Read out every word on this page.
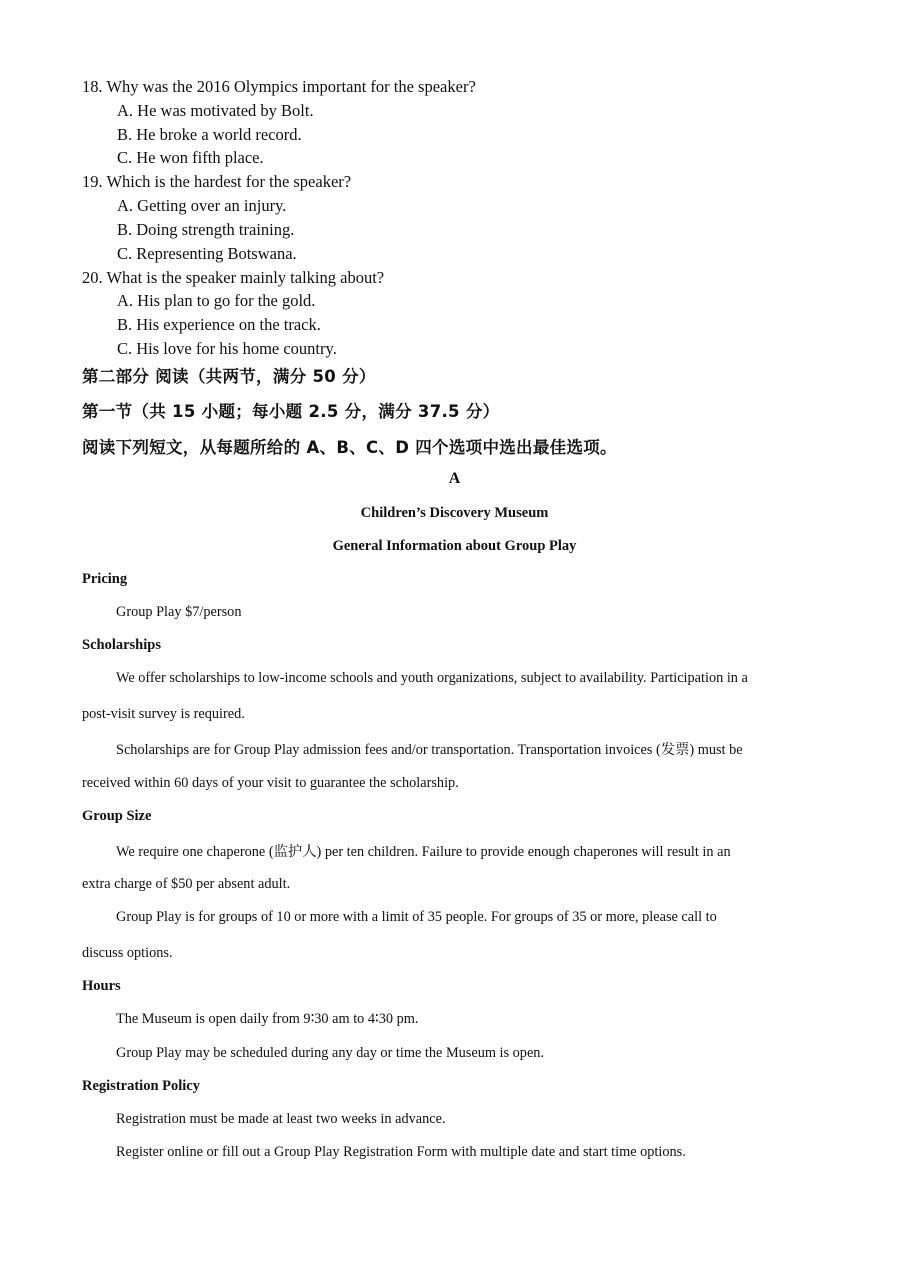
18. Why was the 2016 Olympics important for the speaker?
A. He was motivated by Bolt.
B. He broke a world record.
C. He won fifth place.
19. Which is the hardest for the speaker?
A. Getting over an injury.
B. Doing strength training.
C. Representing Botswana.
20. What is the speaker mainly talking about?
A. His plan to go for the gold.
B. His experience on the track.
C. His love for his home country.
第二部分 阅读（共两节，满分 50 分）
第一节（共 15 小题；每小题 2.5 分，满分 37.5 分）
阅读下列短文，从每题所给的 A、B、C、D 四个选项中选出最佳选项。
A
Children’s Discovery Museum
General Information about Group Play
Pricing
Group Play $7/person
Scholarships
We offer scholarships to low-income schools and youth organizations, subject to availability. Participation in a
post-visit survey is required.
Scholarships are for Group Play admission fees and/or transportation. Transportation invoices (发票) must be
received within 60 days of your visit to guarantee the scholarship.
Group Size
We require one chaperone (监护人) per ten children. Failure to provide enough chaperones will result in an
extra charge of $50 per absent adult.
Group Play is for groups of 10 or more with a limit of 35 people. For groups of 35 or more, please call to
discuss options.
Hours
The Museum is open daily from 9∶30 am to 4∶30 pm.
Group Play may be scheduled during any day or time the Museum is open.
Registration Policy
Registration must be made at least two weeks in advance.
Register online or fill out a Group Play Registration Form with multiple date and start time options.
